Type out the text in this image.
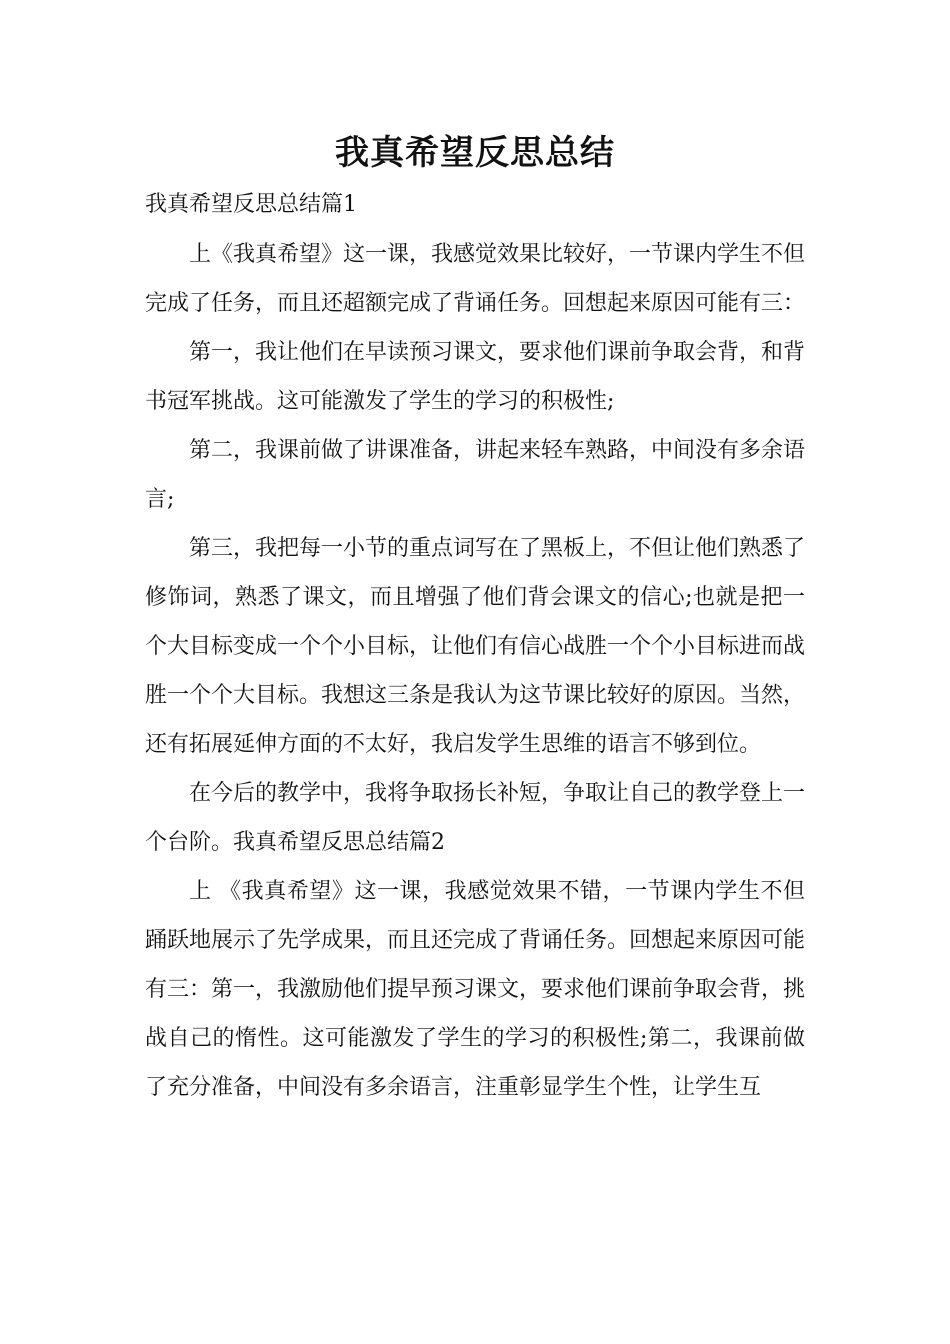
我真希望反思总结

我真希望反思总结篇1

上《我真希望》这一课，我感觉效果比较好，一节课内学生不但完成了任务，而且还超额完成了背诵任务。回想起来原因可能有三：

第一，我让他们在早读预习课文，要求他们课前争取会背，和背书冠军挑战。这可能激发了学生的学习的积极性;

第二，我课前做了讲课准备，讲起来轻车熟路，中间没有多余语言;

第三，我把每一小节的重点词写在了黑板上，不但让他们熟悉了修饰词，熟悉了课文，而且增强了他们背会课文的信心;也就是把一个大目标变成一个个小目标，让他们有信心战胜一个个小目标进而战胜一个个大目标。我想这三条是我认为这节课比较好的原因。当然，还有拓展延伸方面的不太好，我启发学生思维的语言不够到位。

在今后的教学中，我将争取扬长补短，争取让自己的教学登上一个台阶。我真希望反思总结篇2

上 《我真希望》这一课，我感觉效果不错，一节课内学生不但踊跃地展示了先学成果，而且还完成了背诵任务。回想起来原因可能有三：第一，我激励他们提早预习课文，要求他们课前争取会背，挑战自己的惰性。这可能激发了学生的学习的积极性;第二，我课前做了充分准备，中间没有多余语言，注重彰显学生个性，让学生互
